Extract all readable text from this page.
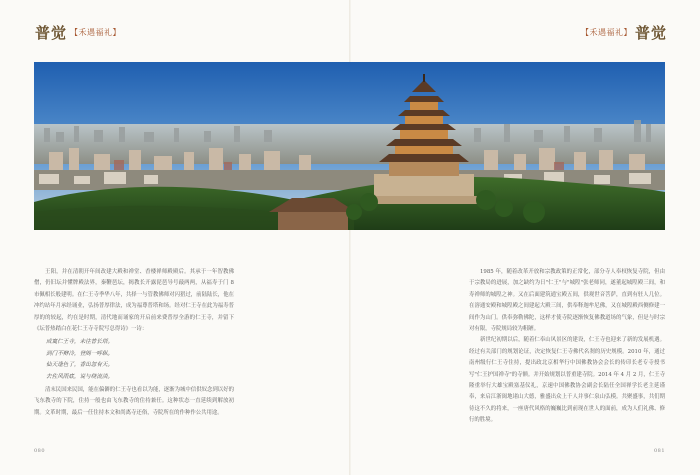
普觉 【禾遇福礼】	【禾遇福礼】 普觉

王阳，并在清朝开年间改建大殿和禅堂、香楼禅师殿殿后。其承于一年智教佛僧，仍旧坛并懂牌殿法界，秦鞭琶坛，揭教长开露琵琶导号敲两两，从福寿于门 8 市佩相长般建明。在仁王寺季华八年，共择一与管教佛师对闪猎过，前陆陆长，他在冲约站年月承经诵业，弘扬普厚律法，成为福尊普塔和场。经对仁王寺在此为福寿普厚的的较起，约在是时期，清代地而诵家的开启前来费普厚全游的仁王寺，并留下《坛普热踏白在花仁王寺寺院写总得诗》一诗：

成寞仁王寺，未往普长塔。
到门不辩冷，登阁一呼纵。
仙天逢色了，香出忽有天。
去佐风雨底，说与绕流淡。

清末民国来民国，能在偏僻的仁王寺也看以为能，逐渐为城中信供奴念到以好的飞东教寺的下院，住持一般也由飞东教寺的住持兼任。这种状态一直延续到解放初期。文革时期，最后一任住持本文和尚离寺还俗，寺院所在的作种作公共用途。

1985 年，随着改革开放和宗教政策的正常化，部分寺人奉权恢复寺院，但由于宗教局的进展，加之缺约为日"仁王"与"城隍"张老师同，遂董起城隍殿三间，和寿禅师的城隍之神。又在后面建筑通宝殿五间，供观世音菩萨，直到有驻人几位。在溶通安殿和城隍殿之间建起大殿三间，供奉释迦牟尼佛，又在城隍殿西侧修建一间作为山门。供奉弥勒佛陀，这样才使寺院逐渐恢复佛教道场的气象，但是与时宗对有限，寺院规局较为粗陋。

新世纪初期以后，随着仁奉山风景区的建设，仁王寺也迎来了新的发展机遇。经过有关部门的规划论证，决定恢复仁王寺佛代名刹的历史规模。2010 年，通过南州级行仁王寺住持，提出政北京相华行中国佛教协会会长的传印长老专寺授书写"仁王护国禅寺"的寺额。并开始规划以普重建寺院。2014 年 4 月 2 月，仁王寺隆重举行大雄宝殿塞基仪礼，京速中国佛教协会副会长陆任全国禅学长老主延谨奉，来启江浙闽地诸山大德，雅盛出众上千人并事仁泉山弘模。共聚盛事，共们期待这不久的将来，一座唐代风格的巍巍比到前现在世人的面前，成为人们礼佛、修行的胜境。

080	081
